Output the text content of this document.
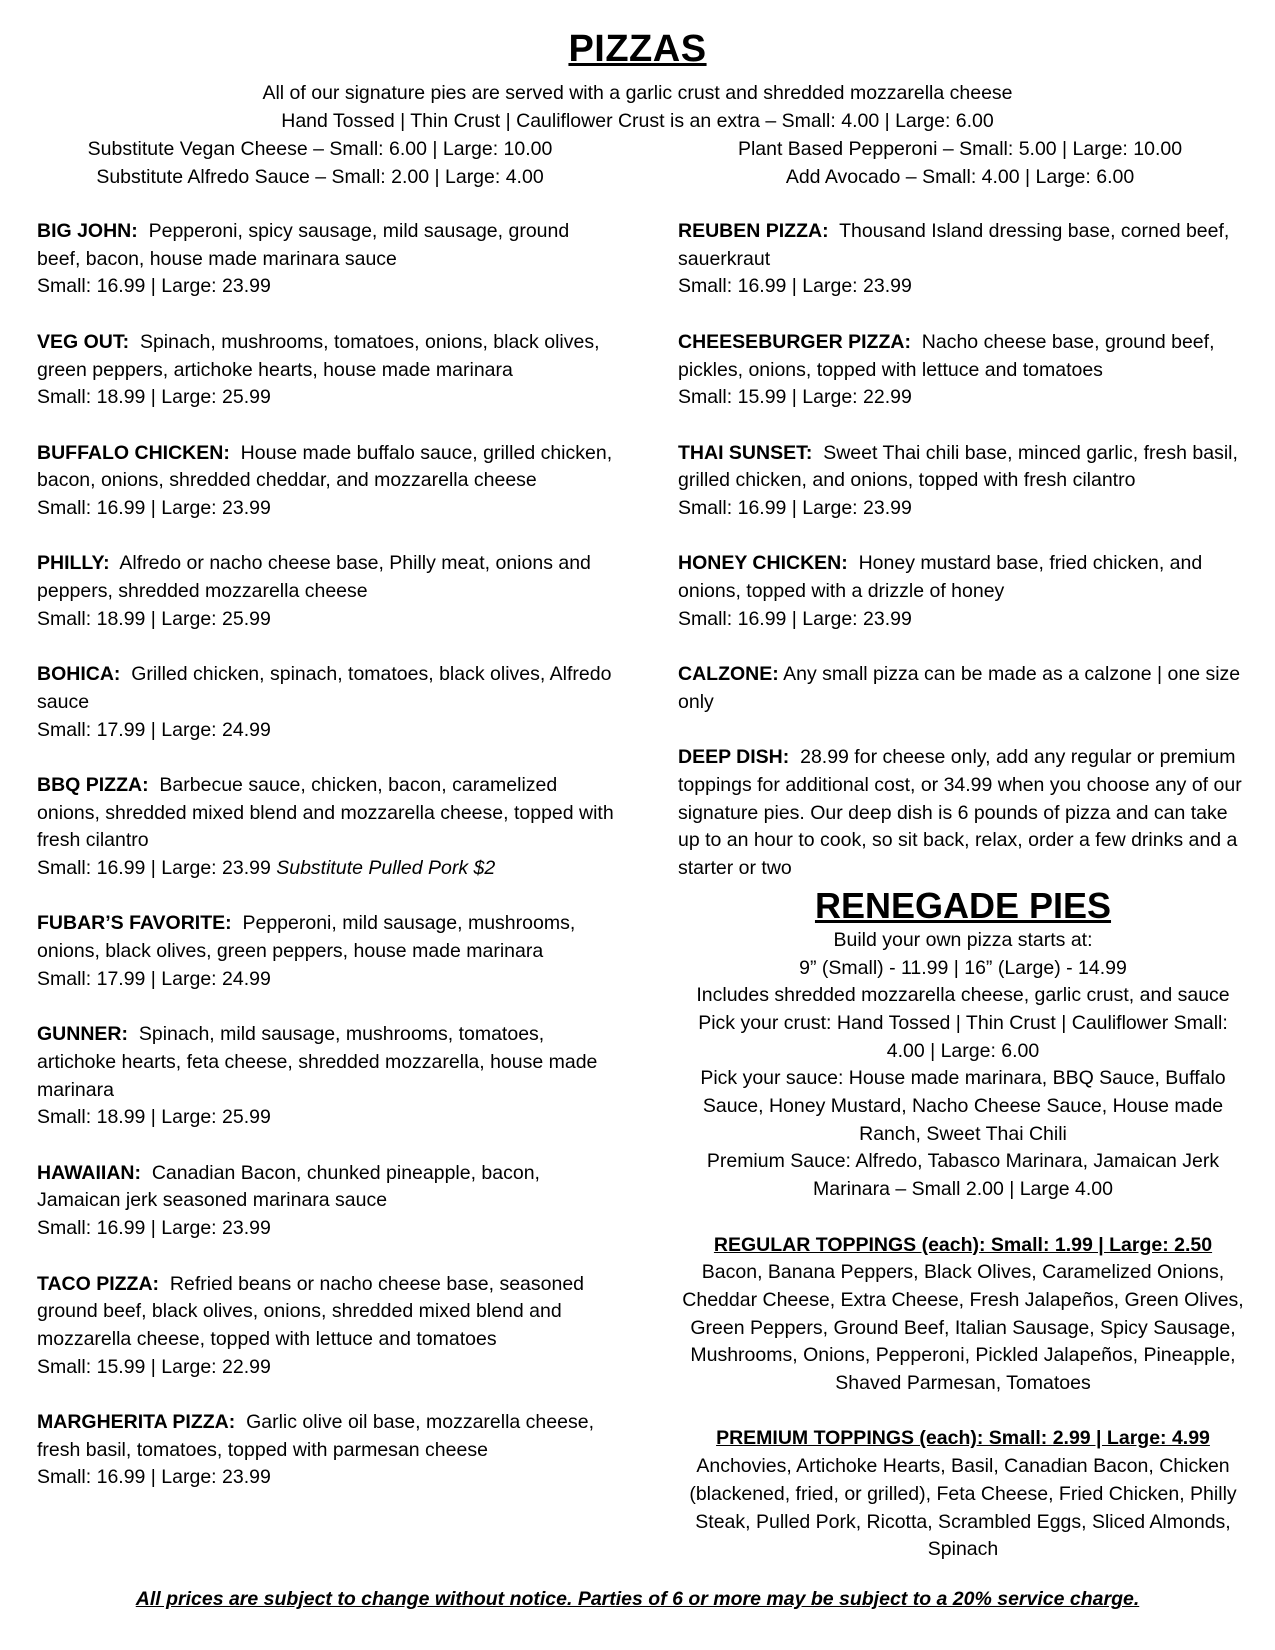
PIZZAS
All of our signature pies are served with a garlic crust and shredded mozzarella cheese
Hand Tossed | Thin Crust | Cauliflower Crust is an extra – Small: 4.00 | Large: 6.00
Substitute Vegan Cheese – Small: 6.00 | Large: 10.00
Substitute Alfredo Sauce – Small: 2.00 | Large: 4.00
Plant Based Pepperoni – Small: 5.00 | Large: 10.00
Add Avocado – Small: 4.00 | Large: 6.00
BIG JOHN: Pepperoni, spicy sausage, mild sausage, ground beef, bacon, house made marinara sauce
Small: 16.99 | Large: 23.99
VEG OUT: Spinach, mushrooms, tomatoes, onions, black olives, green peppers, artichoke hearts, house made marinara
Small: 18.99 | Large: 25.99
BUFFALO CHICKEN: House made buffalo sauce, grilled chicken, bacon, onions, shredded cheddar, and mozzarella cheese
Small: 16.99 | Large: 23.99
PHILLY: Alfredo or nacho cheese base, Philly meat, onions and peppers, shredded mozzarella cheese
Small: 18.99 | Large: 25.99
BOHICA: Grilled chicken, spinach, tomatoes, black olives, Alfredo sauce
Small: 17.99 | Large: 24.99
BBQ PIZZA: Barbecue sauce, chicken, bacon, caramelized onions, shredded mixed blend and mozzarella cheese, topped with fresh cilantro
Small: 16.99 | Large: 23.99 Substitute Pulled Pork $2
FUBAR’S FAVORITE: Pepperoni, mild sausage, mushrooms, onions, black olives, green peppers, house made marinara
Small: 17.99 | Large: 24.99
GUNNER: Spinach, mild sausage, mushrooms, tomatoes, artichoke hearts, feta cheese, shredded mozzarella, house made marinara
Small: 18.99 | Large: 25.99
HAWAIIAN: Canadian Bacon, chunked pineapple, bacon, Jamaican jerk seasoned marinara sauce
Small: 16.99 | Large: 23.99
TACO PIZZA: Refried beans or nacho cheese base, seasoned ground beef, black olives, onions, shredded mixed blend and mozzarella cheese, topped with lettuce and tomatoes
Small: 15.99 | Large: 22.99
MARGHERITA PIZZA: Garlic olive oil base, mozzarella cheese, fresh basil, tomatoes, topped with parmesan cheese
Small: 16.99 | Large: 23.99
REUBEN PIZZA: Thousand Island dressing base, corned beef, sauerkraut
Small: 16.99 | Large: 23.99
CHEESEBURGER PIZZA: Nacho cheese base, ground beef, pickles, onions, topped with lettuce and tomatoes
Small: 15.99 | Large: 22.99
THAI SUNSET: Sweet Thai chili base, minced garlic, fresh basil, grilled chicken, and onions, topped with fresh cilantro
Small: 16.99 | Large: 23.99
HONEY CHICKEN: Honey mustard base, fried chicken, and onions, topped with a drizzle of honey
Small: 16.99 | Large: 23.99
CALZONE: Any small pizza can be made as a calzone | one size only
DEEP DISH: 28.99 for cheese only, add any regular or premium toppings for additional cost, or 34.99 when you choose any of our signature pies. Our deep dish is 6 pounds of pizza and can take up to an hour to cook, so sit back, relax, order a few drinks and a starter or two
RENEGADE PIES
Build your own pizza starts at:
9” (Small) - 11.99 | 16” (Large) - 14.99
Includes shredded mozzarella cheese, garlic crust, and sauce
Pick your crust: Hand Tossed | Thin Crust | Cauliflower Small: 4.00 | Large: 6.00
Pick your sauce: House made marinara, BBQ Sauce, Buffalo Sauce, Honey Mustard, Nacho Cheese Sauce, House made Ranch, Sweet Thai Chili
Premium Sauce: Alfredo, Tabasco Marinara, Jamaican Jerk Marinara – Small 2.00 | Large 4.00
REGULAR TOPPINGS (each): Small: 1.99 | Large: 2.50
Bacon, Banana Peppers, Black Olives, Caramelized Onions, Cheddar Cheese, Extra Cheese, Fresh Jalapeños, Green Olives, Green Peppers, Ground Beef, Italian Sausage, Spicy Sausage, Mushrooms, Onions, Pepperoni, Pickled Jalapeños, Pineapple, Shaved Parmesan, Tomatoes
PREMIUM TOPPINGS (each): Small: 2.99 | Large: 4.99
Anchovies, Artichoke Hearts, Basil, Canadian Bacon, Chicken (blackened, fried, or grilled), Feta Cheese, Fried Chicken, Philly Steak, Pulled Pork, Ricotta, Scrambled Eggs, Sliced Almonds, Spinach
All prices are subject to change without notice. Parties of 6 or more may be subject to a 20% service charge.
